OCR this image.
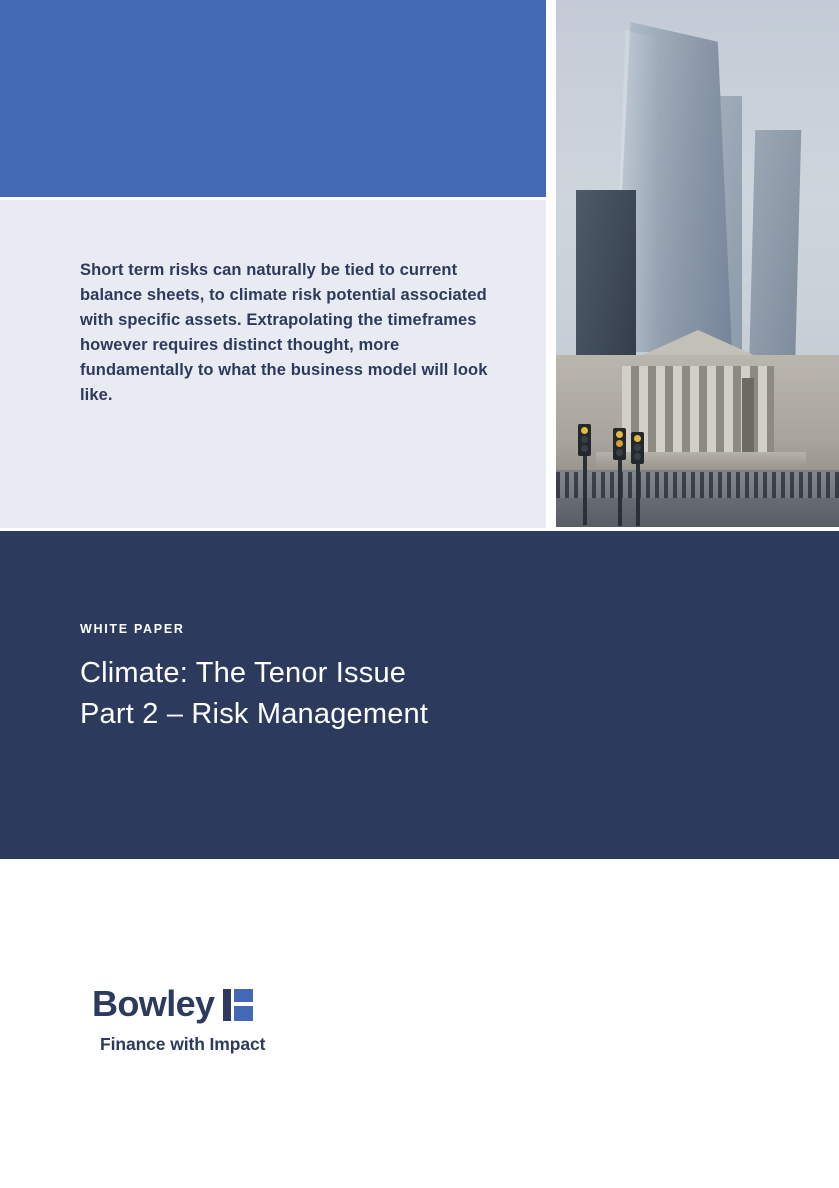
Short term risks can naturally be tied to current balance sheets, to climate risk potential associated with specific assets. Extrapolating the timeframes however requires distinct thought, more fundamentally to what the business model will look like.
WHITE PAPER
Climate: The Tenor Issue
Part 2 – Risk Management
Bowley
Finance with Impact
